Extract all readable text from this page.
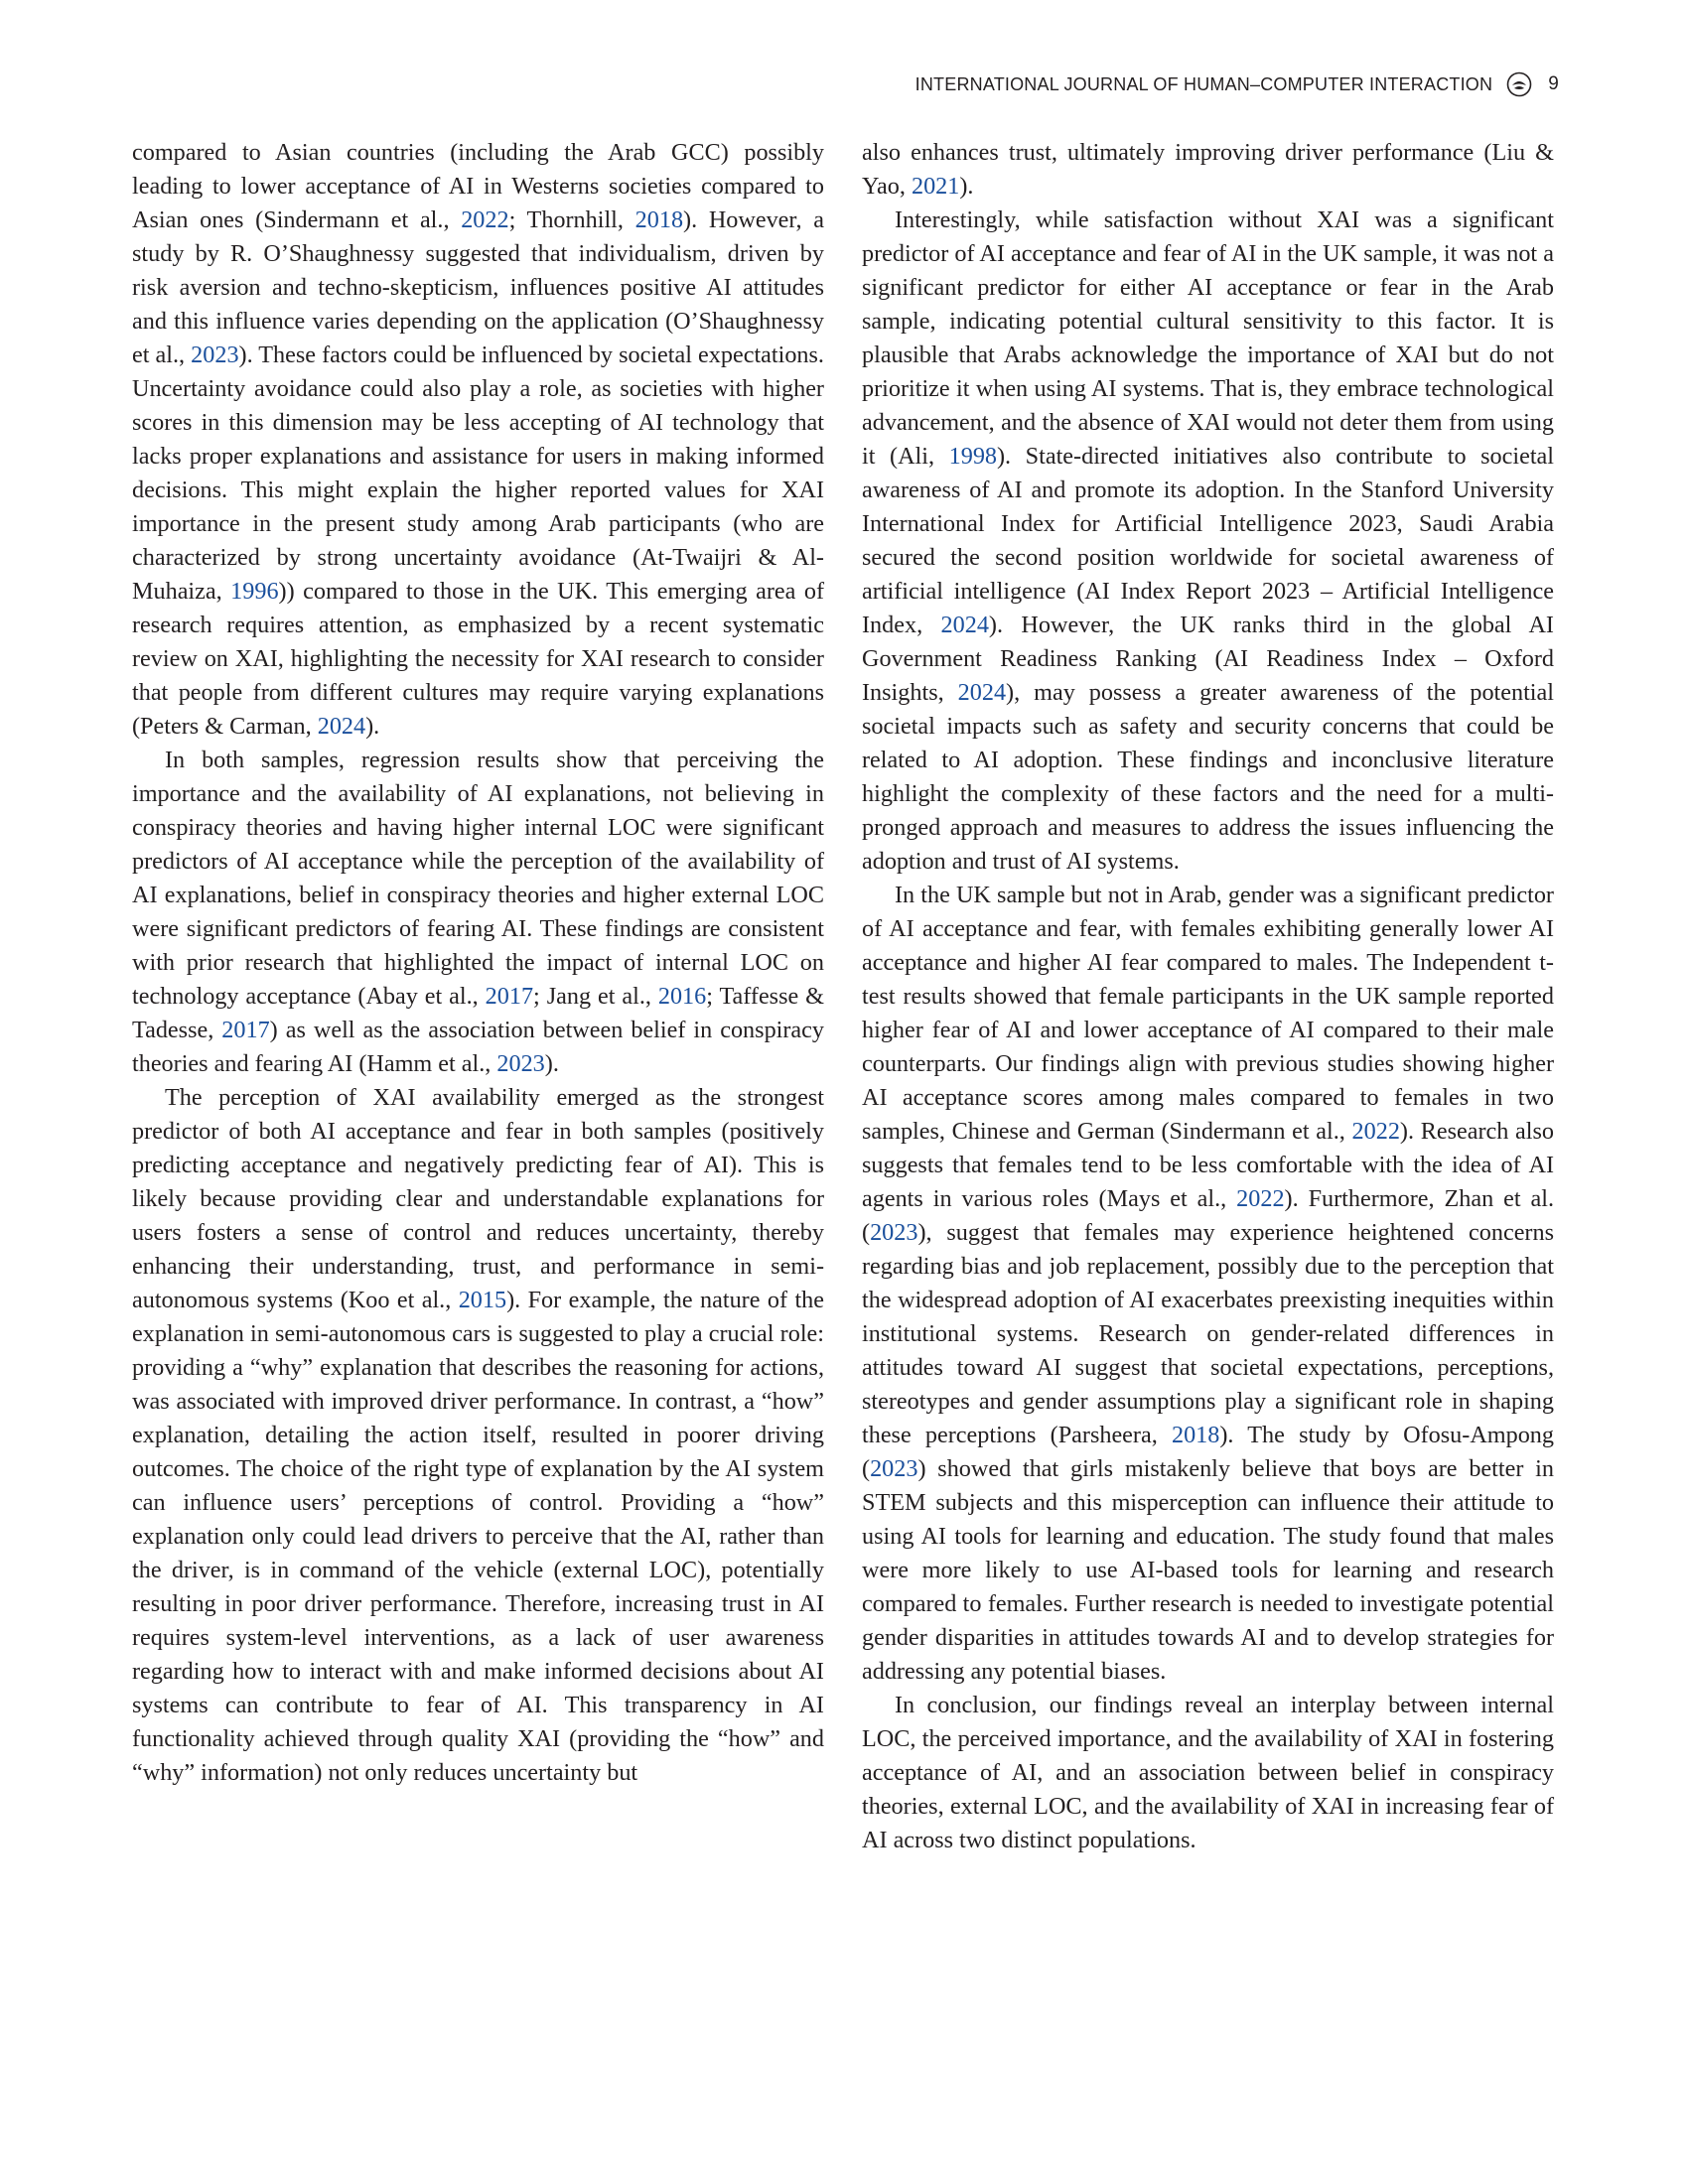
INTERNATIONAL JOURNAL OF HUMAN–COMPUTER INTERACTION	9

compared to Asian countries (including the Arab GCC) possibly leading to lower acceptance of AI in Westerns societies compared to Asian ones (Sindermann et al., 2022; Thornhill, 2018). However, a study by R. O’Shaughnessy suggested that individualism, driven by risk aversion and techno-skepticism, influences positive AI attitudes and this influence varies depending on the application (O’Shaughnessy et al., 2023). These factors could be influenced by societal expectations. Uncertainty avoidance could also play a role, as societies with higher scores in this dimension may be less accepting of AI technology that lacks proper explanations and assistance for users in making informed decisions. This might explain the higher reported values for XAI importance in the present study among Arab participants (who are characterized by strong uncertainty avoidance (At-Twaijri & Al-Muhaiza, 1996)) compared to those in the UK. This emerging area of research requires attention, as emphasized by a recent systematic review on XAI, highlighting the necessity for XAI research to consider that people from different cultures may require varying explanations (Peters & Carman, 2024).

In both samples, regression results show that perceiving the importance and the availability of AI explanations, not believing in conspiracy theories and having higher internal LOC were significant predictors of AI acceptance while the perception of the availability of AI explanations, belief in conspiracy theories and higher external LOC were significant predictors of fearing AI. These findings are consistent with prior research that highlighted the impact of internal LOC on technology acceptance (Abay et al., 2017; Jang et al., 2016; Taffesse & Tadesse, 2017) as well as the association between belief in conspiracy theories and fearing AI (Hamm et al., 2023).

The perception of XAI availability emerged as the strongest predictor of both AI acceptance and fear in both samples (positively predicting acceptance and negatively predicting fear of AI). This is likely because providing clear and understandable explanations for users fosters a sense of control and reduces uncertainty, thereby enhancing their understanding, trust, and performance in semi-autonomous systems (Koo et al., 2015). For example, the nature of the explanation in semi-autonomous cars is suggested to play a crucial role: providing a “why” explanation that describes the reasoning for actions, was associated with improved driver performance. In contrast, a “how” explanation, detailing the action itself, resulted in poorer driving outcomes. The choice of the right type of explanation by the AI system can influence users’ perceptions of control. Providing a “how” explanation only could lead drivers to perceive that the AI, rather than the driver, is in command of the vehicle (external LOC), potentially resulting in poor driver performance. Therefore, increasing trust in AI requires system-level interventions, as a lack of user awareness regarding how to interact with and make informed decisions about AI systems can contribute to fear of AI. This transparency in AI functionality achieved through quality XAI (providing the “how” and “why” information) not only reduces uncertainty but

also enhances trust, ultimately improving driver performance (Liu & Yao, 2021).

Interestingly, while satisfaction without XAI was a significant predictor of AI acceptance and fear of AI in the UK sample, it was not a significant predictor for either AI acceptance or fear in the Arab sample, indicating potential cultural sensitivity to this factor. It is plausible that Arabs acknowledge the importance of XAI but do not prioritize it when using AI systems. That is, they embrace technological advancement, and the absence of XAI would not deter them from using it (Ali, 1998). State-directed initiatives also contribute to societal awareness of AI and promote its adoption. In the Stanford University International Index for Artificial Intelligence 2023, Saudi Arabia secured the second position worldwide for societal awareness of artificial intelligence (AI Index Report 2023 – Artificial Intelligence Index, 2024). However, the UK ranks third in the global AI Government Readiness Ranking (AI Readiness Index – Oxford Insights, 2024), may possess a greater awareness of the potential societal impacts such as safety and security concerns that could be related to AI adoption. These findings and inconclusive literature highlight the complexity of these factors and the need for a multi-pronged approach and measures to address the issues influencing the adoption and trust of AI systems.

In the UK sample but not in Arab, gender was a significant predictor of AI acceptance and fear, with females exhibiting generally lower AI acceptance and higher AI fear compared to males. The Independent t-test results showed that female participants in the UK sample reported higher fear of AI and lower acceptance of AI compared to their male counterparts. Our findings align with previous studies showing higher AI acceptance scores among males compared to females in two samples, Chinese and German (Sindermann et al., 2022). Research also suggests that females tend to be less comfortable with the idea of AI agents in various roles (Mays et al., 2022). Furthermore, Zhan et al. (2023), suggest that females may experience heightened concerns regarding bias and job replacement, possibly due to the perception that the widespread adoption of AI exacerbates preexisting inequities within institutional systems. Research on gender-related differences in attitudes toward AI suggest that societal expectations, perceptions, stereotypes and gender assumptions play a significant role in shaping these perceptions (Parsheera, 2018). The study by Ofosu-Ampong (2023) showed that girls mistakenly believe that boys are better in STEM subjects and this misperception can influence their attitude to using AI tools for learning and education. The study found that males were more likely to use AI-based tools for learning and research compared to females. Further research is needed to investigate potential gender disparities in attitudes towards AI and to develop strategies for addressing any potential biases.

In conclusion, our findings reveal an interplay between internal LOC, the perceived importance, and the availability of XAI in fostering acceptance of AI, and an association between belief in conspiracy theories, external LOC, and the availability of XAI in increasing fear of AI across two distinct populations.
